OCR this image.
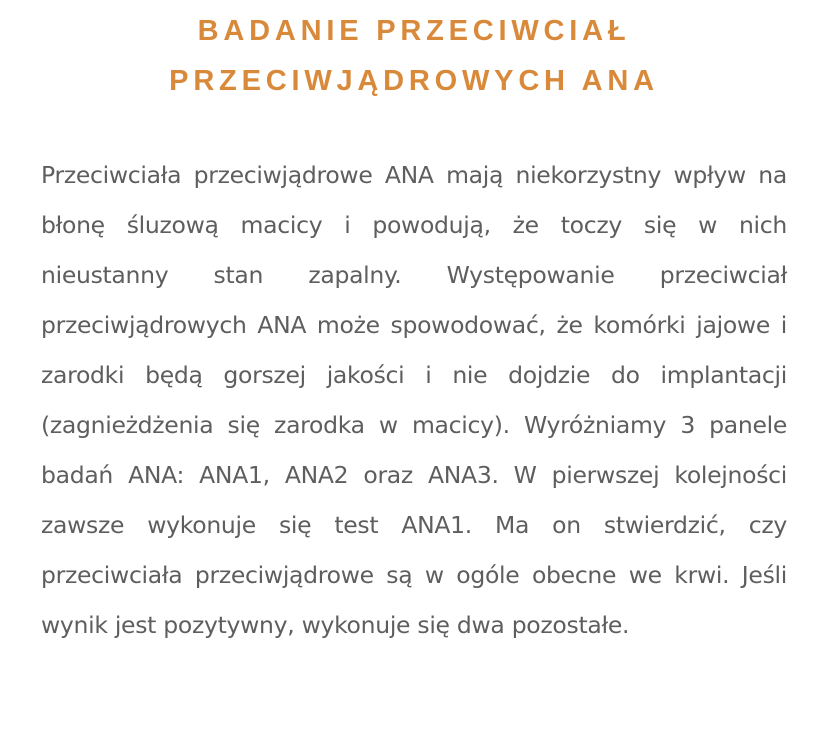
BADANIE PRZECIWCIAŁ
PRZECIWJĄDROWYCH ANA

Przeciwciała przeciwjądrowe ANA mają niekorzystny wpływ na błonę śluzową macicy i powodują, że toczy się w nich nieustanny stan zapalny. Występowanie przeciwciał przeciwjądrowych ANA może spowodować, że komórki jajowe i zarodki będą gorszej jakości i nie dojdzie do implantacji (zagnieżdżenia się zarodka w macicy). Wyróżniamy 3 panele badań ANA: ANA1, ANA2 oraz ANA3. W pierwszej kolejności zawsze wykonuje się test ANA1. Ma on stwierdzić, czy przeciwciała przeciwjądrowe są w ogóle obecne we krwi. Jeśli wynik jest pozytywny, wykonuje się dwa pozostałe.
